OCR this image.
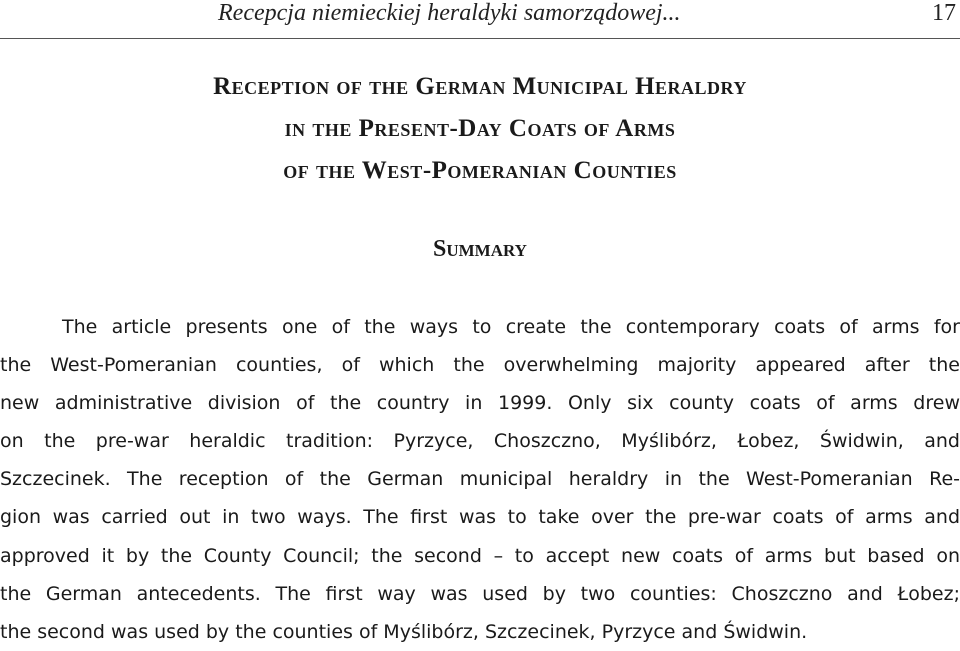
Recepcja niemieckiej heraldyki samorządowej...	17
Reception of the German Municipal Heraldry
in the Present-Day Coats of Arms
of the West-Pomeranian Counties
Summary
The article presents one of the ways to create the contemporary coats of arms for
the West-Pomeranian counties, of which the overwhelming majority appeared after the
new administrative division of the country in 1999. Only six county coats of arms drew
on the pre-war heraldic tradition: Pyrzyce, Choszczno, Myślibórz, Łobez, Świdwin, and
Szczecinek. The reception of the German municipal heraldry in the West-Pomeranian Re-
gion was carried out in two ways. The first was to take over the pre-war coats of arms and
approved it by the County Council; the second – to accept new coats of arms but based on
the German antecedents. The first way was used by two counties: Choszczno and Łobez;
the second was used by the counties of Myślibórz, Szczecinek, Pyrzyce and Świdwin.
